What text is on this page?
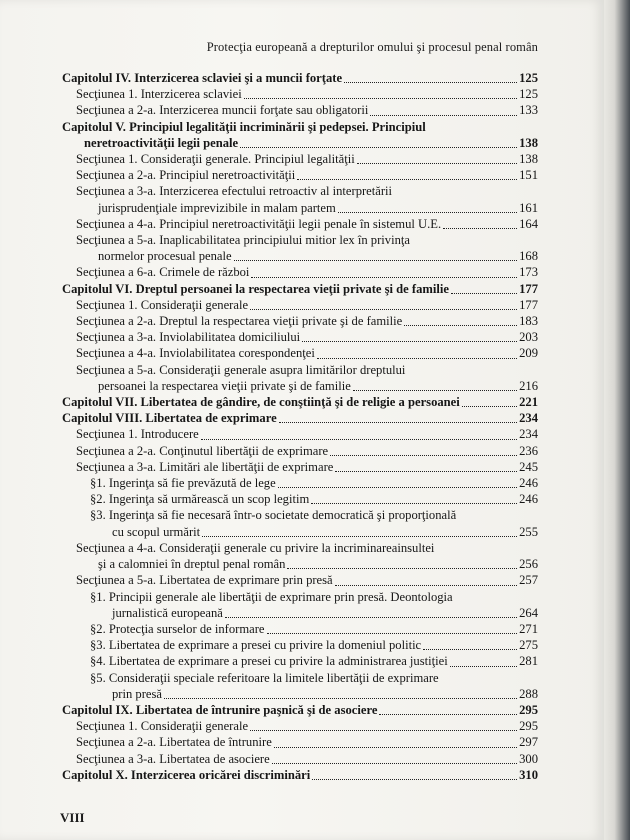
Protecţia europeană a drepturilor omului şi procesul penal român
Capitolul IV. Interzicerea sclaviei şi a muncii forţate	125
Secţiunea 1. Interzicerea sclaviei	125
Secţiunea a 2-a. Interzicerea muncii forţate sau obligatorii	133
Capitolul V. Principiul legalităţii incriminării şi pedepsei. Principiul
neretroactivităţii legii penale	138
Secţiunea 1. Consideraţii generale. Principiul legalităţii	138
Secţiunea a 2-a. Principiul neretroactivităţii	151
Secţiunea a 3-a. Interzicerea efectului retroactiv al interpretării
jurisprudenţiale imprevizibile in malam partem	161
Secţiunea a 4-a. Principiul neretroactivităţii legii penale în sistemul U.E.	164
Secţiunea a 5-a. Inaplicabilitatea principiului mitior lex în privinţa
normelor procesual penale	168
Secţiunea a 6-a. Crimele de război	173
Capitolul VI. Dreptul persoanei la respectarea vieţii private şi de familie	177
Secţiunea 1. Consideraţii generale	177
Secţiunea a 2-a. Dreptul la respectarea vieţii private şi de familie	183
Secţiunea a 3-a. Inviolabilitatea domiciliului	203
Secţiunea a 4-a. Inviolabilitatea corespondenţei	209
Secţiunea a 5-a. Consideraţii generale asupra limitărilor dreptului
persoanei la respectarea vieţii private şi de familie	216
Capitolul VII. Libertatea de gândire, de conştiinţă şi de religie a persoanei	221
Capitolul VIII. Libertatea de exprimare	234
Secţiunea 1. Introducere	234
Secţiunea a 2-a. Conţinutul libertăţii de exprimare	236
Secţiunea a 3-a. Limitări ale libertăţii de exprimare	245
§1. Ingerinţa să fie prevăzută de lege	246
§2. Ingerinţa să urmărească un scop legitim	246
§3. Ingerinţa să fie necesară într-o societate democratică şi proporţională
cu scopul urmărit	255
Secţiunea a 4-a. Consideraţii generale cu privire la incriminareainsultei
şi a calomniei în dreptul penal român	256
Secţiunea a 5-a. Libertatea de exprimare prin presă	257
§1. Principii generale ale libertăţii de exprimare prin presă. Deontologia
jurnalistică europeană	264
§2. Protecţia surselor de informare	271
§3. Libertatea de exprimare a presei cu privire la domeniul politic	275
§4. Libertatea de exprimare a presei cu privire la administrarea justiţiei	281
§5. Consideraţii speciale referitoare la limitele libertăţii de exprimare
prin presă	288
Capitolul IX. Libertatea de întrunire paşnică şi de asociere	295
Secţiunea 1. Consideraţii generale	295
Secţiunea a 2-a. Libertatea de întrunire	297
Secţiunea a 3-a. Libertatea de asociere	300
Capitolul X. Interzicerea oricărei discriminări	310
VIII
